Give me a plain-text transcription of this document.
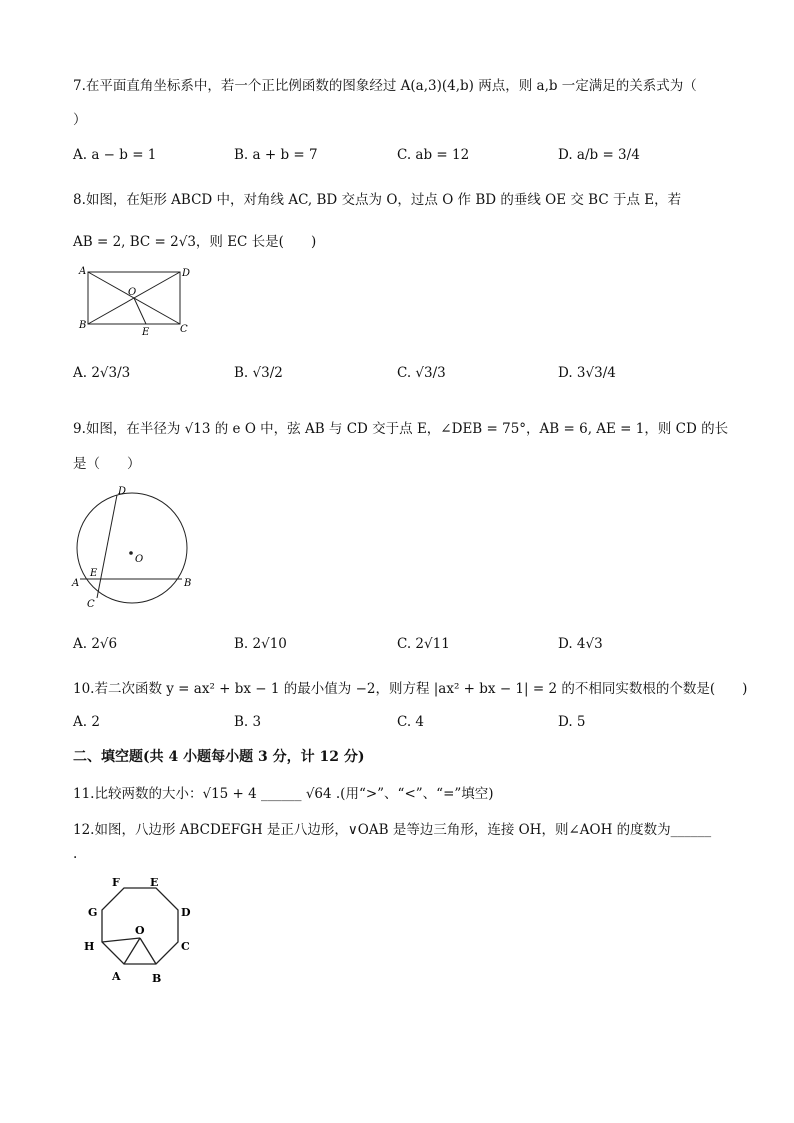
7.在平面直角坐标系中，若一个正比例函数的图象经过 A(a,3)(4,b) 两点，则 a,b 一定满足的关系式为（
）
A. a − b = 1	B. a + b = 7	C. ab = 12	D. a/b = 3/4
8.如图，在矩形 ABCD 中，对角线 AC, BD 交点为 O，过点 O 作 BD 的垂线 OE 交 BC 于点 E，若
AB = 2, BC = 2√3，则 EC 长是(　　)
A	D
O
B
E	C
A. 2√3/3	B. √3/2	C. √3/3	D. 3√3/4
9.如图，在半径为 √13 的 e O 中，弦 AB 与 CD 交于点 E，∠DEB = 75°，AB = 6, AE = 1，则 CD 的长
是（　　）
D
O
A
E
B
C
A. 2√6	B. 2√10	C. 2√11	D. 4√3
10.若二次函数 y = ax² + bx − 1 的最小值为 −2，则方程 |ax² + bx − 1| = 2 的不相同实数根的个数是(　　)
A. 2	B. 3	C. 4	D. 5
二、填空题(共 4 小题每小题 3 分，计 12 分)
11.比较两数的大小：√15 + 4 ______ √64 .(用“>”、“<”、“=”填空)
12.如图，八边形 ABCDEFGH 是正八边形，∨OAB 是等边三角形，连接 OH，则∠AOH 的度数为______
.
F	E
G	D
O
H	C
A	B
